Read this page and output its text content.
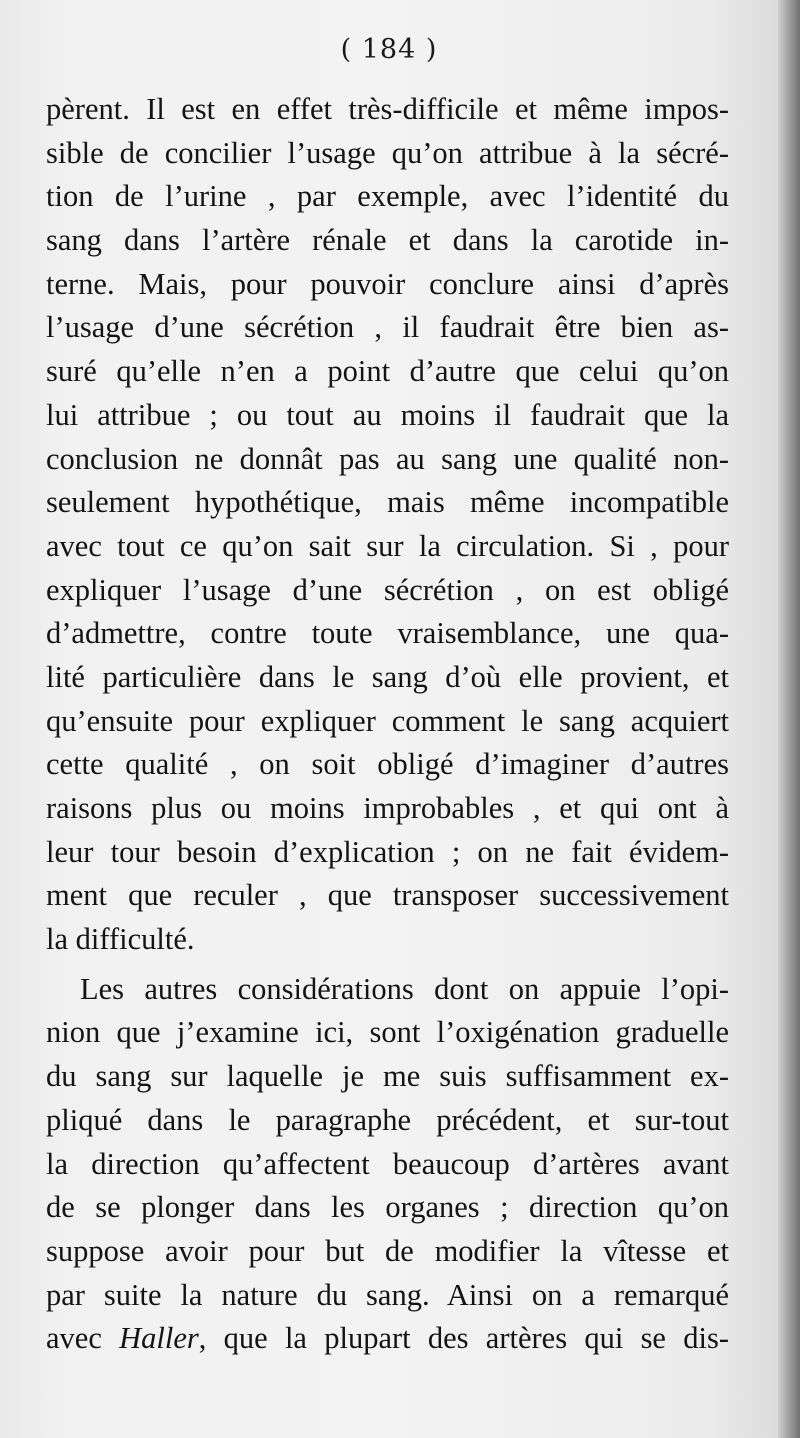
( 184 )
pèrent. Il est en effet très-difficile et même impos-
sible de concilier l’usage qu’on attribue à la sécré-
tion de l’urine , par exemple, avec l’identité du
sang dans l’artère rénale et dans la carotide in-
terne. Mais, pour pouvoir conclure ainsi d’après
l’usage d’une sécrétion , il faudrait être bien as-
suré qu’elle n’en a point d’autre que celui qu’on
lui attribue ; ou tout au moins il faudrait que la
conclusion ne donnât pas au sang une qualité non-
seulement hypothétique, mais même incompatible
avec tout ce qu’on sait sur la circulation. Si , pour
expliquer l’usage d’une sécrétion , on est obligé
d’admettre, contre toute vraisemblance, une qua-
lité particulière dans le sang d’où elle provient, et
qu’ensuite pour expliquer comment le sang acquiert
cette qualité , on soit obligé d’imaginer d’autres
raisons plus ou moins improbables , et qui ont à
leur tour besoin d’explication ; on ne fait évidem-
ment que reculer , que transposer successivement
la difficulté.
Les autres considérations dont on appuie l’opi-
nion que j’examine ici, sont l’oxigénation graduelle
du sang sur laquelle je me suis suffisamment ex-
pliqué dans le paragraphe précédent, et sur-tout
la direction qu’affectent beaucoup d’artères avant
de se plonger dans les organes ; direction qu’on
suppose avoir pour but de modifier la vîtesse et
par suite la nature du sang. Ainsi on a remarqué
avec Haller, que la plupart des artères qui se dis-
